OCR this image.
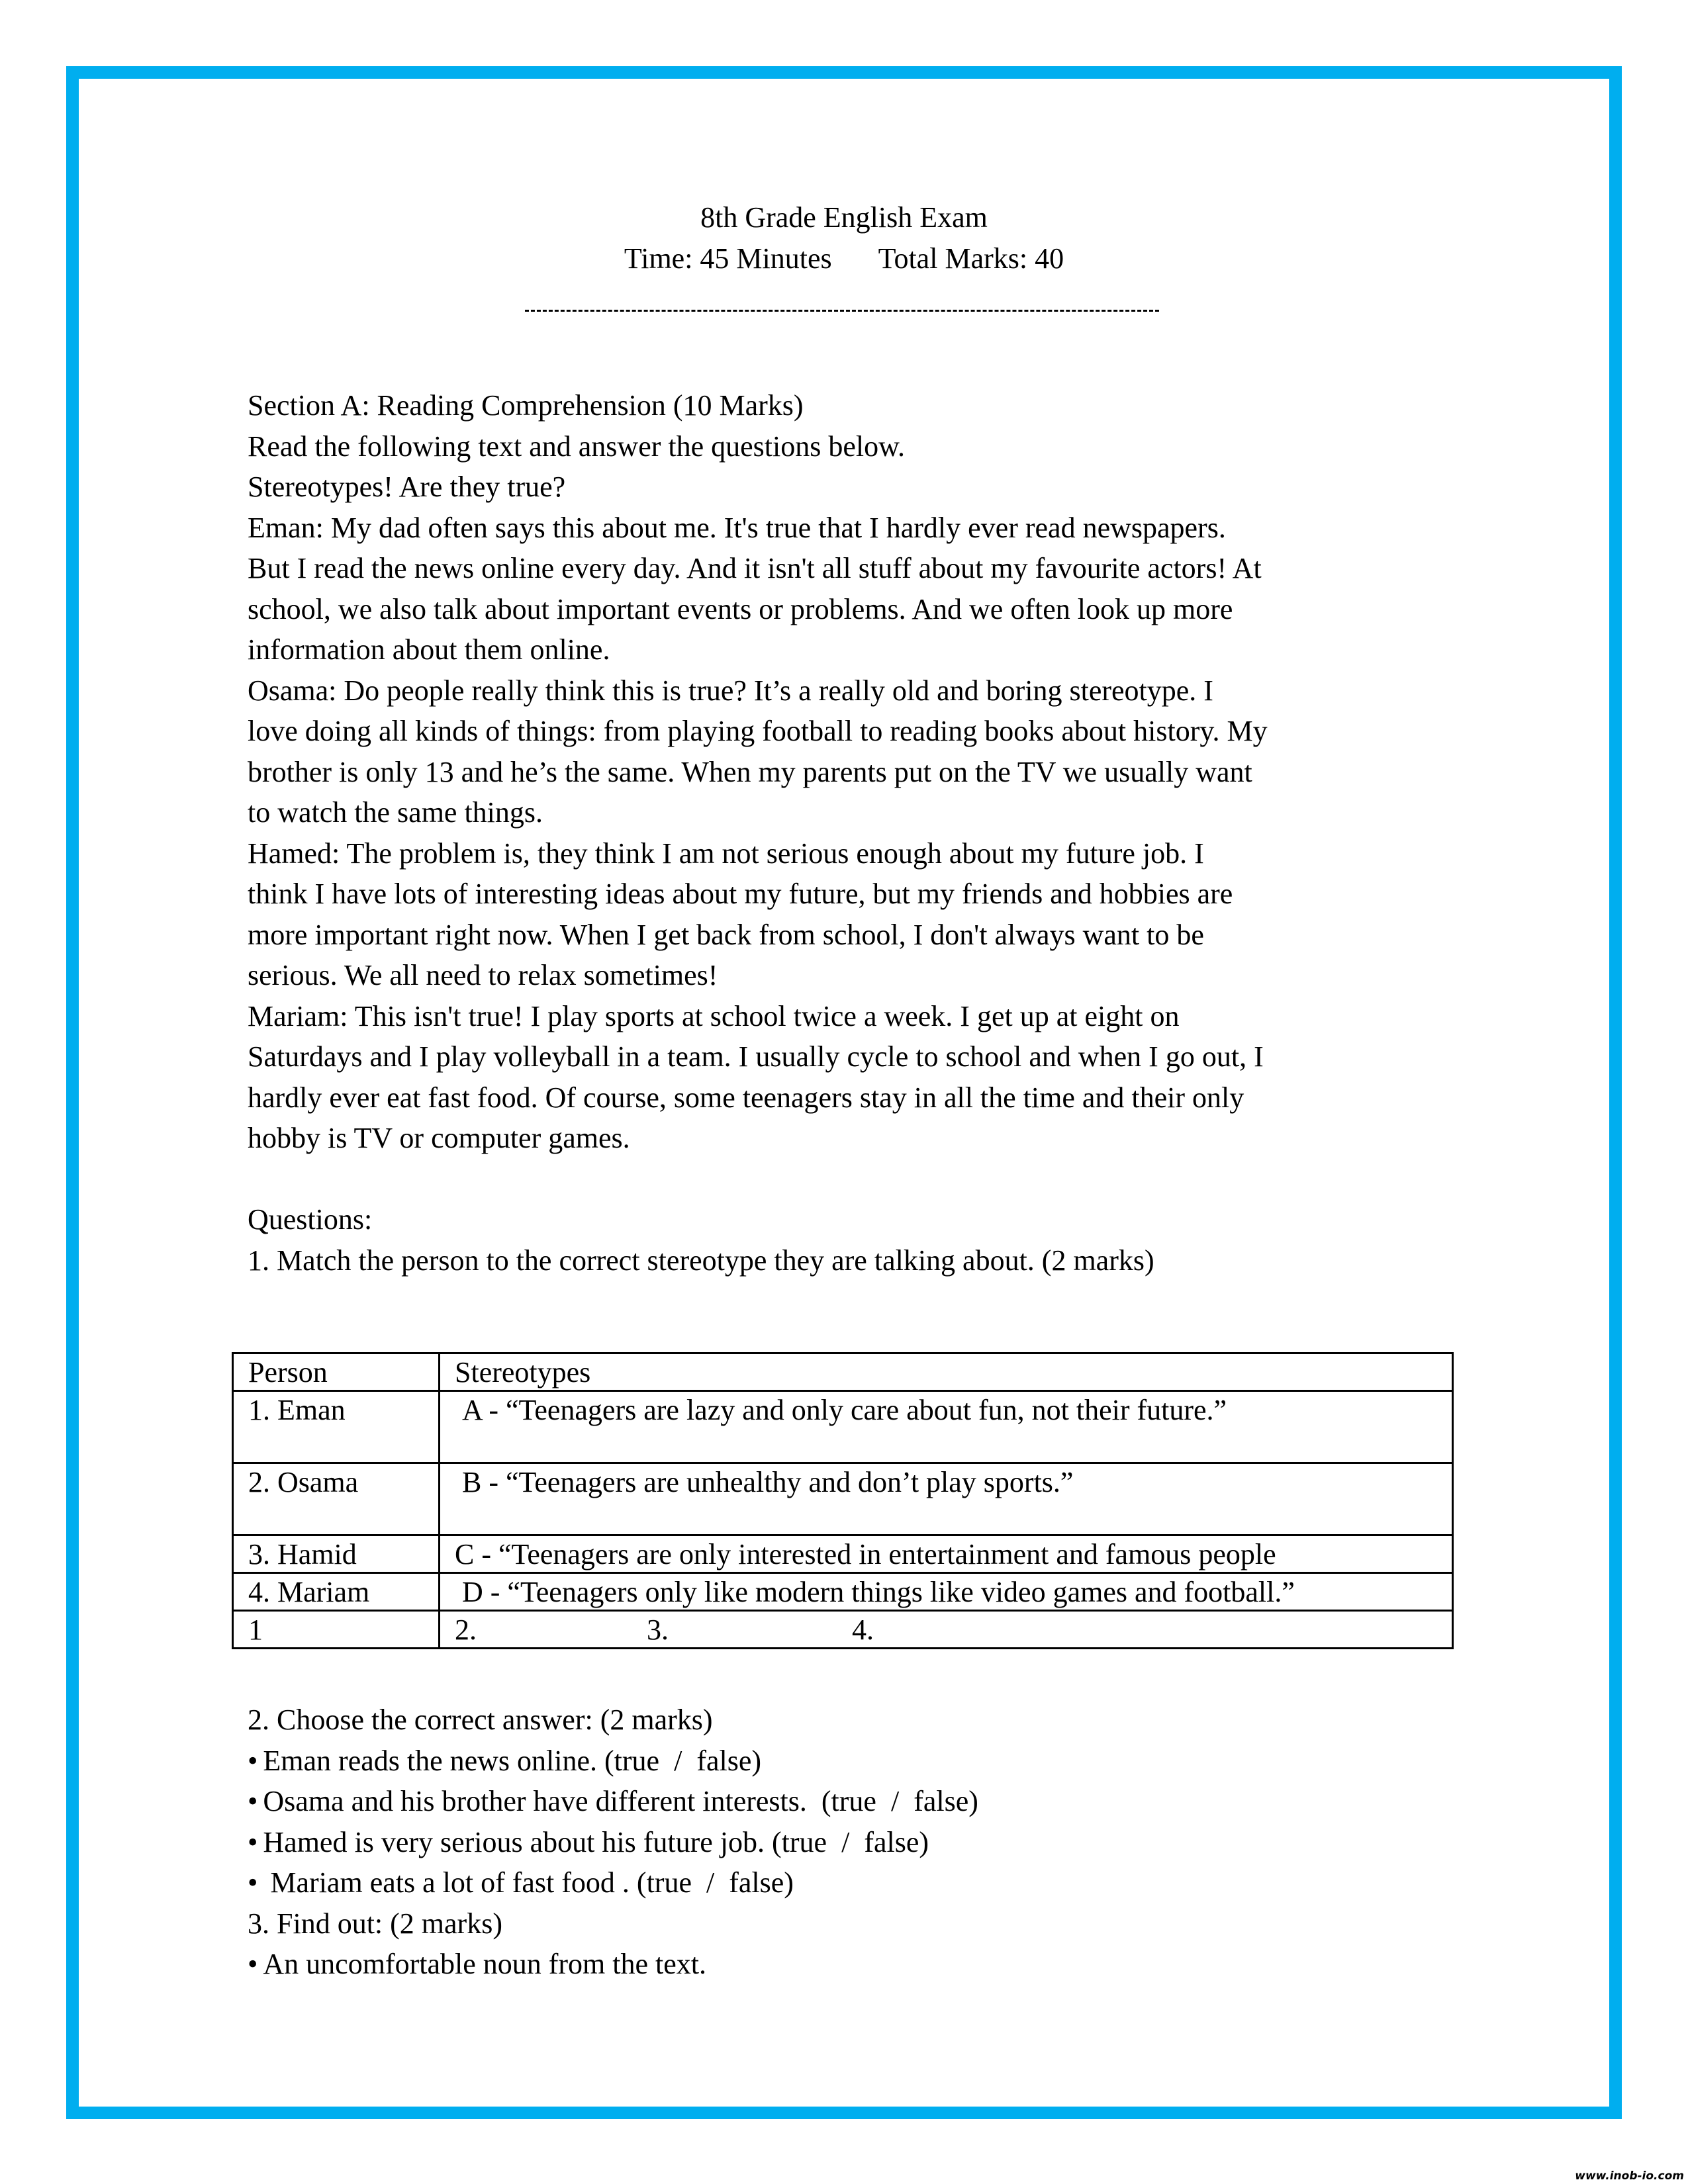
8th Grade English Exam
Time: 45 Minutes Total Marks: 40

Section A: Reading Comprehension (10 Marks)

Read the following text and answer the questions below.

Stereotypes! Are they true?

Eman: My dad often says this about me. It's true that I hardly ever read newspapers.

But I read the news online every day. And it isn't all stuff about my favourite actors! At

school, we also talk about important events or problems. And we often look up more

information about them online.

Osama: Do people really think this is true? It’s a really old and boring stereotype. I

love doing all kinds of things: from playing football to reading books about history. My

brother is only 13 and he’s the same. When my parents put on the TV we usually want

to watch the same things.

Hamed: The problem is, they think I am not serious enough about my future job. I

think I have lots of interesting ideas about my future, but my friends and hobbies are

more important right now. When I get back from school, I don't always want to be

serious. We all need to relax sometimes!

Mariam: This isn't true! I play sports at school twice a week. I get up at eight on

Saturdays and I play volleyball in a team. I usually cycle to school and when I go out, I

hardly ever eat fast food. Of course, some teenagers stay in all the time and their only

hobby is TV or computer games.

Questions:

1. Match the person to the correct stereotype they are talking about. (2 marks)

Person	Stereotypes
1. Eman	A - “Teenagers are lazy and only care about fun, not their future.”
2. Osama	B - “Teenagers are unhealthy and don’t play sports.”
3. Hamid	C - “Teenagers are only interested in entertainment and famous people
4. Mariam	D - “Teenagers only like modern things like video games and football.”
1	2. 3. 4.

2. Choose the correct answer: (2 marks)

• Eman reads the news online. (true / false)

• Osama and his brother have different interests. (true / false)

• Hamed is very serious about his future job. (true / false)

• Mariam eats a lot of fast food . (true / false)

3. Find out: (2 marks)

• An uncomfortable noun from the text.

www.inob-io.com
